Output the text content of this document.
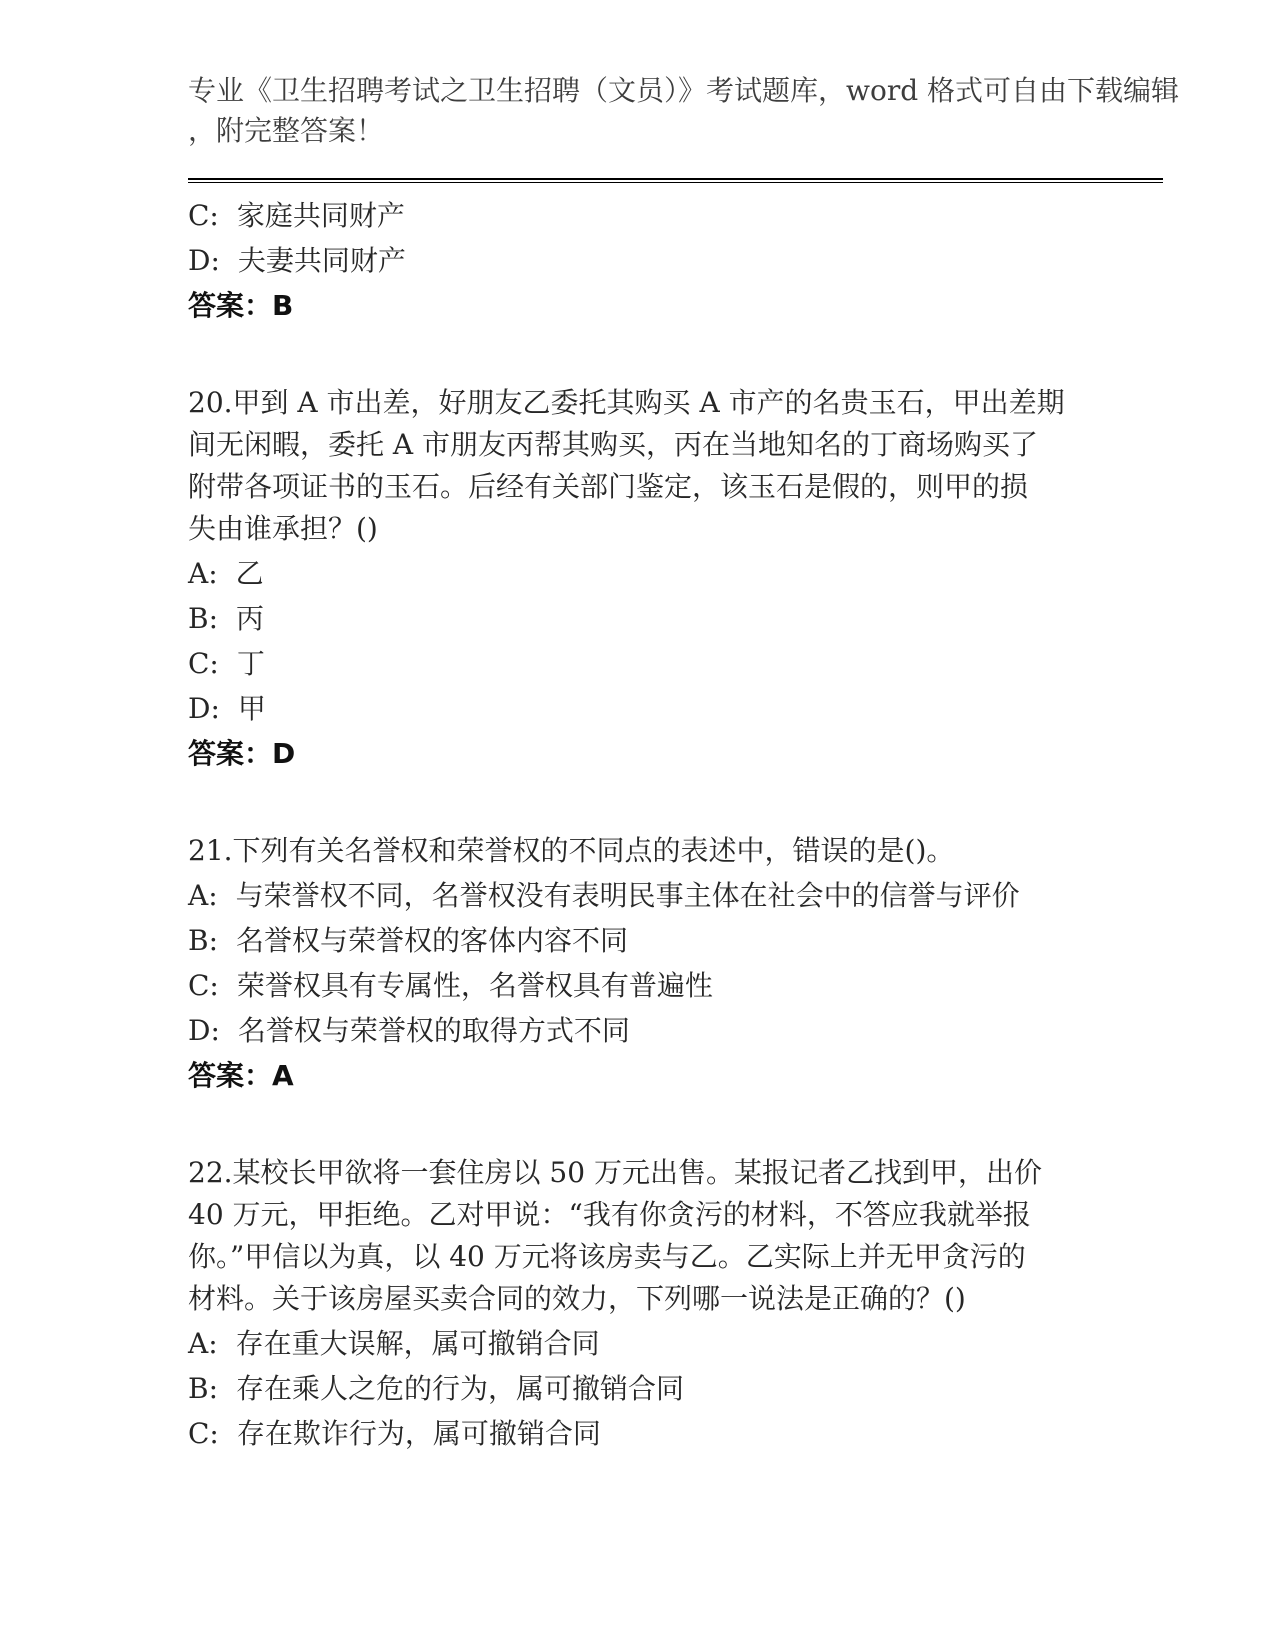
专业《卫生招聘考试之卫生招聘（文员）》考试题库，word 格式可自由下载编辑
，附完整答案！
C: 家庭共同财产
D: 夫妻共同财产
答案：B
20.甲到 A 市出差，好朋友乙委托其购买 A 市产的名贵玉石，甲出差期
间无闲暇，委托 A 市朋友丙帮其购买，丙在当地知名的丁商场购买了
附带各项证书的玉石。后经有关部门鉴定，该玉石是假的，则甲的损
失由谁承担？()
A: 乙
B: 丙
C: 丁
D: 甲
答案：D
21.下列有关名誉权和荣誉权的不同点的表述中，错误的是()。
A: 与荣誉权不同，名誉权没有表明民事主体在社会中的信誉与评价
B: 名誉权与荣誉权的客体内容不同
C: 荣誉权具有专属性，名誉权具有普遍性
D: 名誉权与荣誉权的取得方式不同
答案：A
22.某校长甲欲将一套住房以 50 万元出售。某报记者乙找到甲，出价
40 万元，甲拒绝。乙对甲说：“我有你贪污的材料，不答应我就举报
你。”甲信以为真，以 40 万元将该房卖与乙。乙实际上并无甲贪污的
材料。关于该房屋买卖合同的效力，下列哪一说法是正确的？()
A: 存在重大误解，属可撤销合同
B: 存在乘人之危的行为，属可撤销合同
C: 存在欺诈行为，属可撤销合同
